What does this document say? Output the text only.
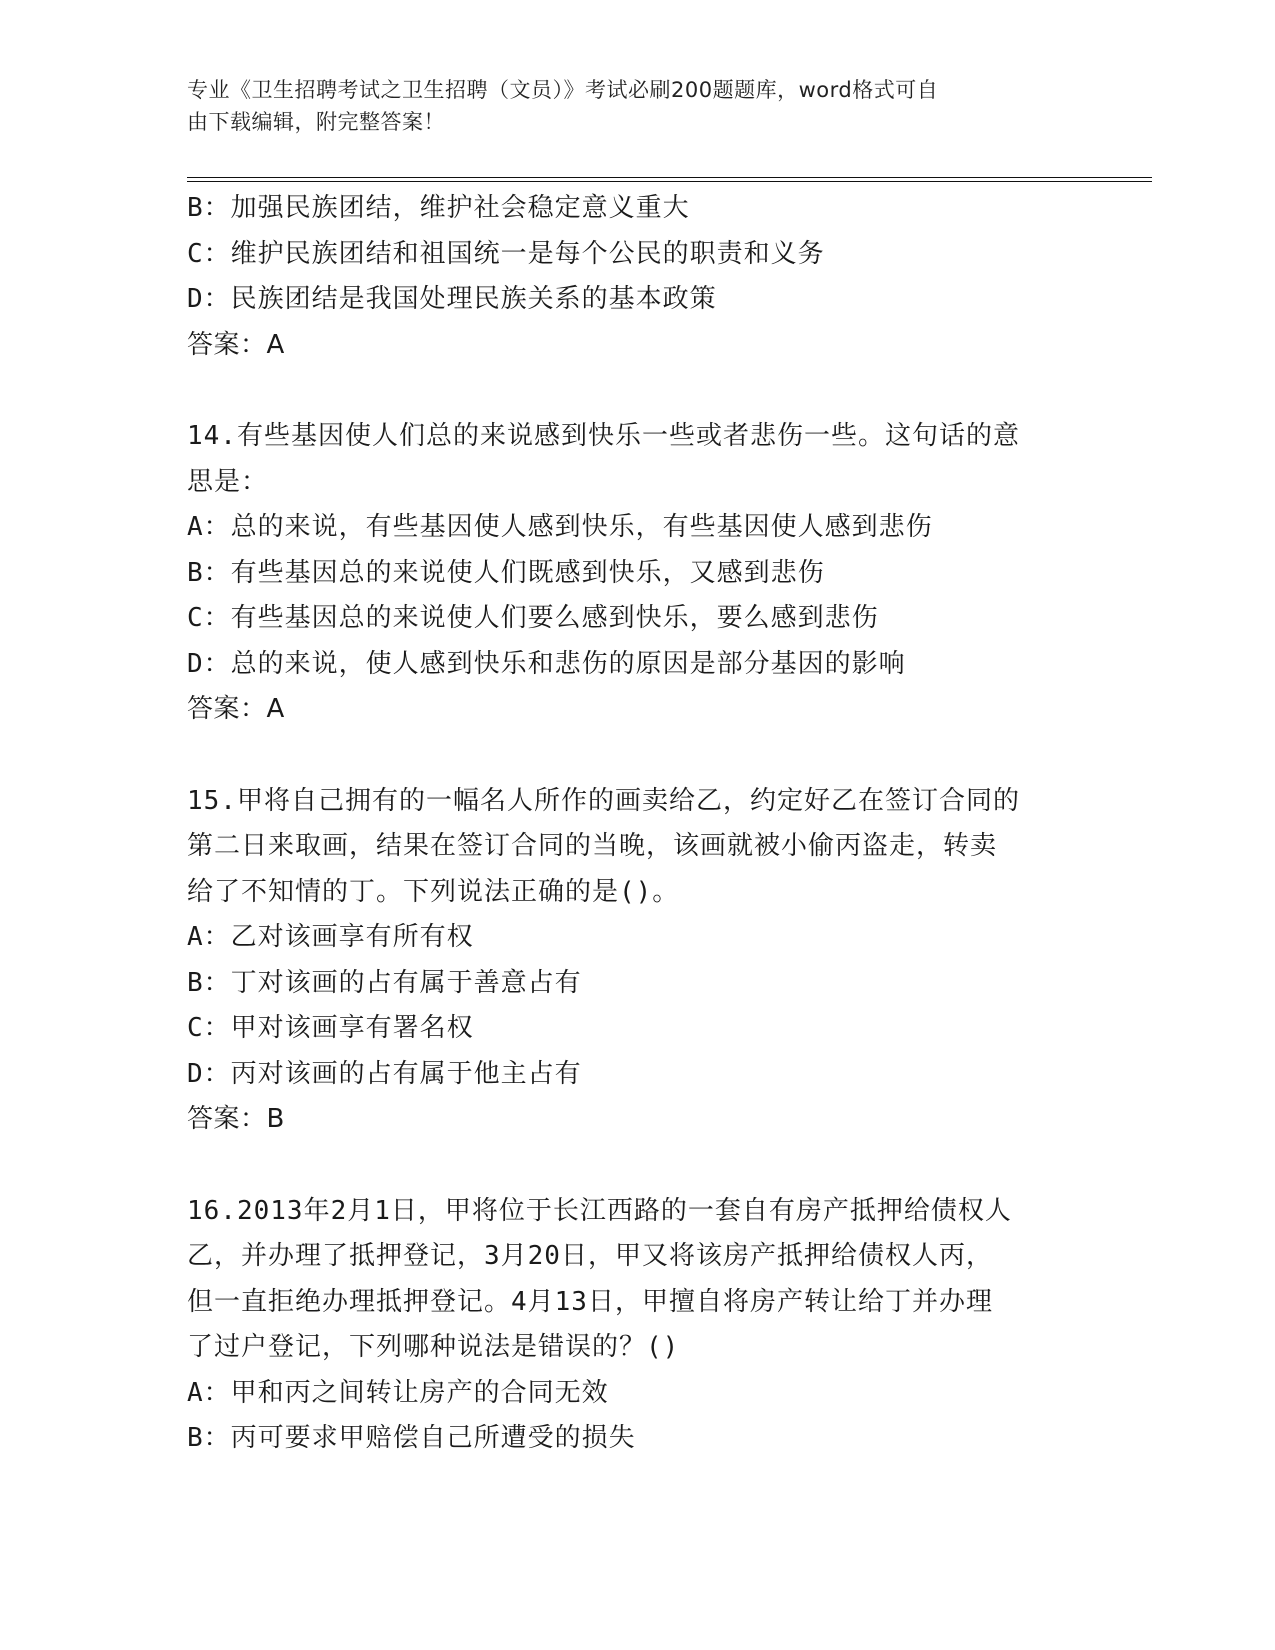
专业《卫生招聘考试之卫生招聘（文员）》考试必刷200题题库，word格式可自
由下载编辑，附完整答案！
B：加强民族团结，维护社会稳定意义重大
C：维护民族团结和祖国统一是每个公民的职责和义务
D：民族团结是我国处理民族关系的基本政策
答案：A
14.有些基因使人们总的来说感到快乐一些或者悲伤一些。这句话的意
思是：
A：总的来说，有些基因使人感到快乐，有些基因使人感到悲伤
B：有些基因总的来说使人们既感到快乐，又感到悲伤
C：有些基因总的来说使人们要么感到快乐，要么感到悲伤
D：总的来说，使人感到快乐和悲伤的原因是部分基因的影响
答案：A
15.甲将自己拥有的一幅名人所作的画卖给乙，约定好乙在签订合同的
第二日来取画，结果在签订合同的当晚，该画就被小偷丙盗走，转卖
给了不知情的丁。下列说法正确的是()。
A：乙对该画享有所有权
B：丁对该画的占有属于善意占有
C：甲对该画享有署名权
D：丙对该画的占有属于他主占有
答案：B
16.2013年2月1日，甲将位于长江西路的一套自有房产抵押给债权人
乙，并办理了抵押登记，3月20日，甲又将该房产抵押给债权人丙，
但一直拒绝办理抵押登记。4月13日，甲擅自将房产转让给丁并办理
了过户登记，下列哪种说法是错误的？()
A：甲和丙之间转让房产的合同无效
B：丙可要求甲赔偿自己所遭受的损失
